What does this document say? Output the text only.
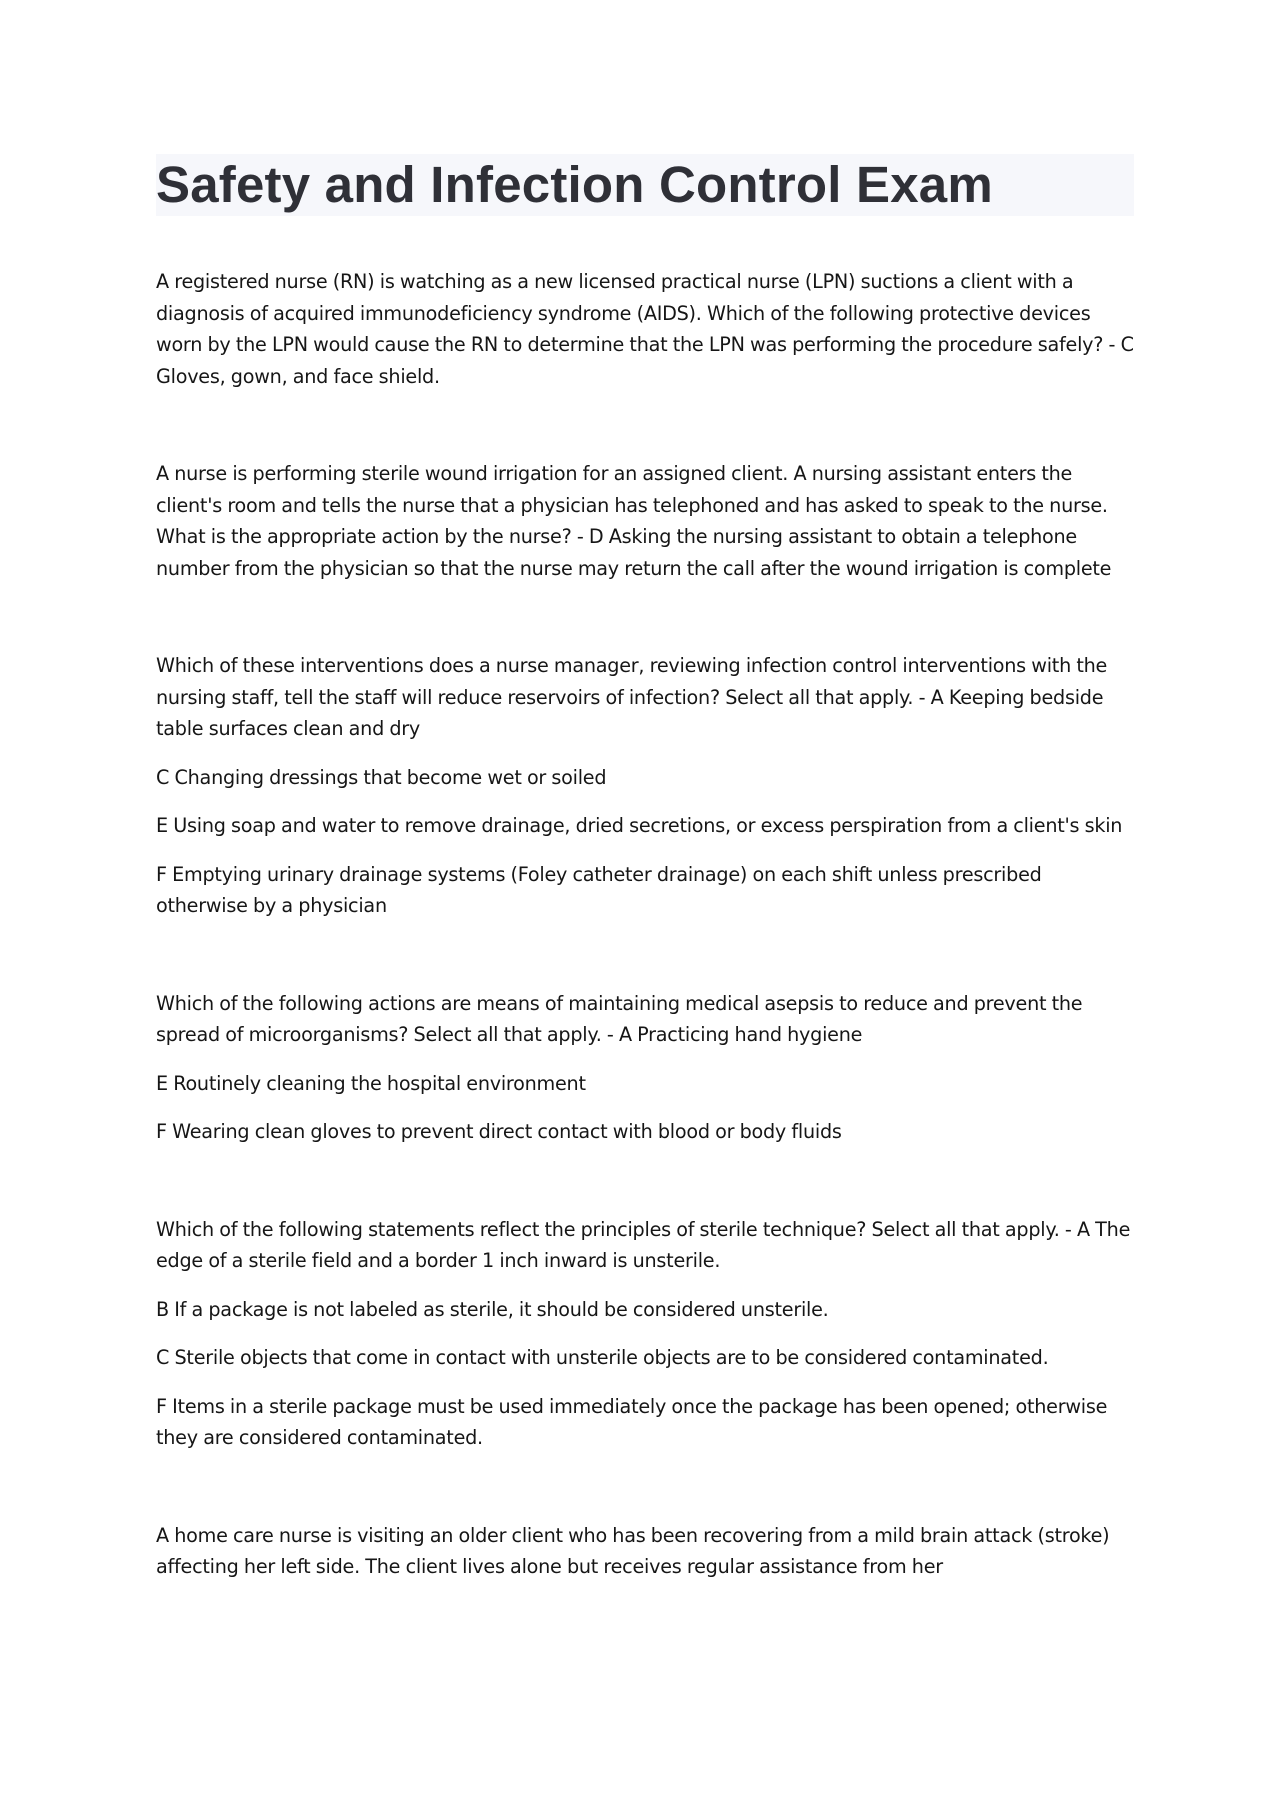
Safety and Infection Control Exam

A registered nurse (RN) is watching as a new licensed practical nurse (LPN) suctions a client with a diagnosis of acquired immunodeficiency syndrome (AIDS). Which of the following protective devices worn by the LPN would cause the RN to determine that the LPN was performing the procedure safely? - C Gloves, gown, and face shield.

A nurse is performing sterile wound irrigation for an assigned client. A nursing assistant enters the client's room and tells the nurse that a physician has telephoned and has asked to speak to the nurse. What is the appropriate action by the nurse? - D Asking the nursing assistant to obtain a telephone number from the physician so that the nurse may return the call after the wound irrigation is complete

Which of these interventions does a nurse manager, reviewing infection control interventions with the nursing staff, tell the staff will reduce reservoirs of infection? Select all that apply. - A Keeping bedside table surfaces clean and dry

C Changing dressings that become wet or soiled

E Using soap and water to remove drainage, dried secretions, or excess perspiration from a client's skin

F Emptying urinary drainage systems (Foley catheter drainage) on each shift unless prescribed otherwise by a physician

Which of the following actions are means of maintaining medical asepsis to reduce and prevent the spread of microorganisms? Select all that apply. - A Practicing hand hygiene

E Routinely cleaning the hospital environment

F Wearing clean gloves to prevent direct contact with blood or body fluids

Which of the following statements reflect the principles of sterile technique? Select all that apply. - A The edge of a sterile field and a border 1 inch inward is unsterile.

B If a package is not labeled as sterile, it should be considered unsterile.

C Sterile objects that come in contact with unsterile objects are to be considered contaminated.

F Items in a sterile package must be used immediately once the package has been opened; otherwise they are considered contaminated.

A home care nurse is visiting an older client who has been recovering from a mild brain attack (stroke) affecting her left side. The client lives alone but receives regular assistance from her
